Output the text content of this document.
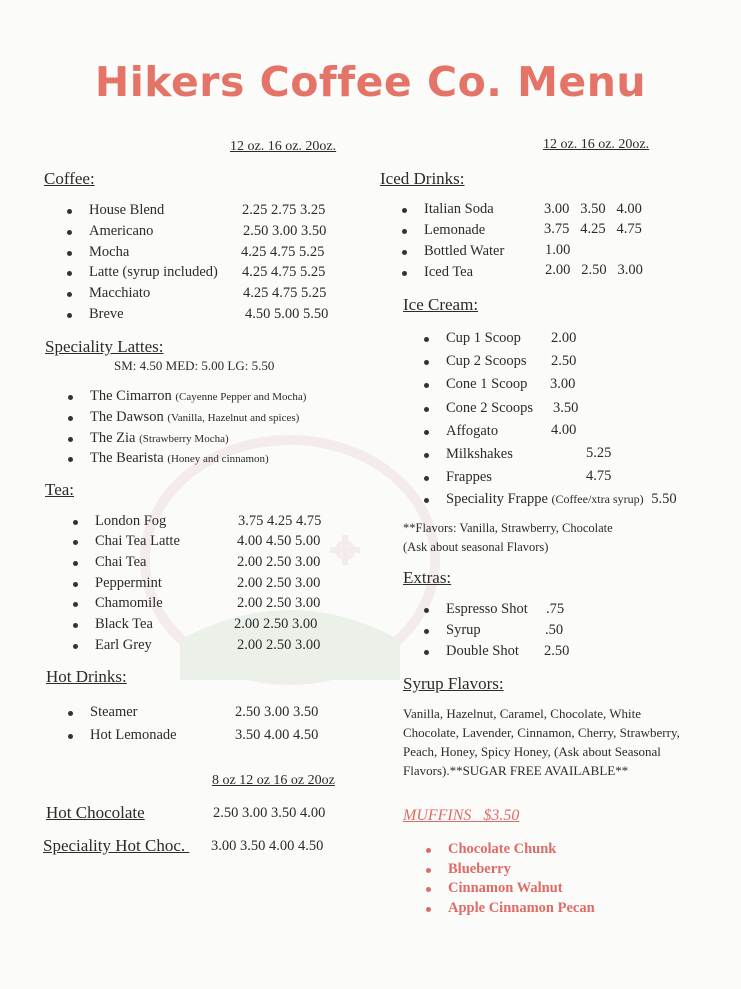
Hikers Coffee Co. Menu
12 oz. 16 oz. 20oz.
Coffee:
House Blend	2.25 2.75 3.25
Americano	2.50 3.00 3.50
Mocha	4.25 4.75 5.25
Latte (syrup included) 4.25 4.75 5.25
Macchiato	4.25 4.75 5.25
Breve	4.50 5.00 5.50
Speciality Lattes:
SM: 4.50 MED: 5.00 LG: 5.50
The Cimarron (Cayenne Pepper and Mocha)
The Dawson (Vanilla, Hazelnut and spices)
The Zia (Strawberry Mocha)
The Bearista (Honey and cinnamon)
Tea:
London Fog	3.75 4.25 4.75
Chai Tea Latte	4.00 4.50 5.00
Chai Tea	2.00 2.50 3.00
Peppermint	2.00 2.50 3.00
Chamomile	2.00 2.50 3.00
Black Tea	2.00 2.50 3.00
Earl Grey	2.00 2.50 3.00
Hot Drinks:
Steamer	2.50 3.00 3.50
Hot Lemonade	3.50 4.00 4.50
8 oz 12 oz 16 oz 20oz
Hot Chocolate	2.50 3.00 3.50 4.00
Speciality Hot Choc. 3.00 3.50 4.00 4.50
12 oz. 16 oz. 20oz.
Iced Drinks:
Italian Soda	3.00   3.50   4.00
Lemonade	3.75   4.25   4.75
Bottled Water	1.00
Iced Tea	2.00   2.50   3.00
Ice Cream:
Cup 1 Scoop 2.00
Cup 2 Scoops 2.50
Cone 1 Scoop 3.00
Cone 2 Scoops 3.50
Affogato	4.00
Milkshakes	5.25
Frappes	4.75
Speciality Frappe (Coffee/xtra syrup) 5.50
**Flavors: Vanilla, Strawberry, Chocolate
(Ask about seasonal Flavors)
Extras:
Espresso Shot .75
Syrup	.50
Double Shot 2.50
Syrup Flavors:
Vanilla, Hazelnut, Caramel, Chocolate, White Chocolate, Lavender, Cinnamon, Cherry, Strawberry, Peach, Honey, Spicy Honey, (Ask about Seasonal Flavors).**SUGAR FREE AVAILABLE**
MUFFINS   $3.50
Chocolate Chunk
Blueberry
Cinnamon Walnut
Apple Cinnamon Pecan
